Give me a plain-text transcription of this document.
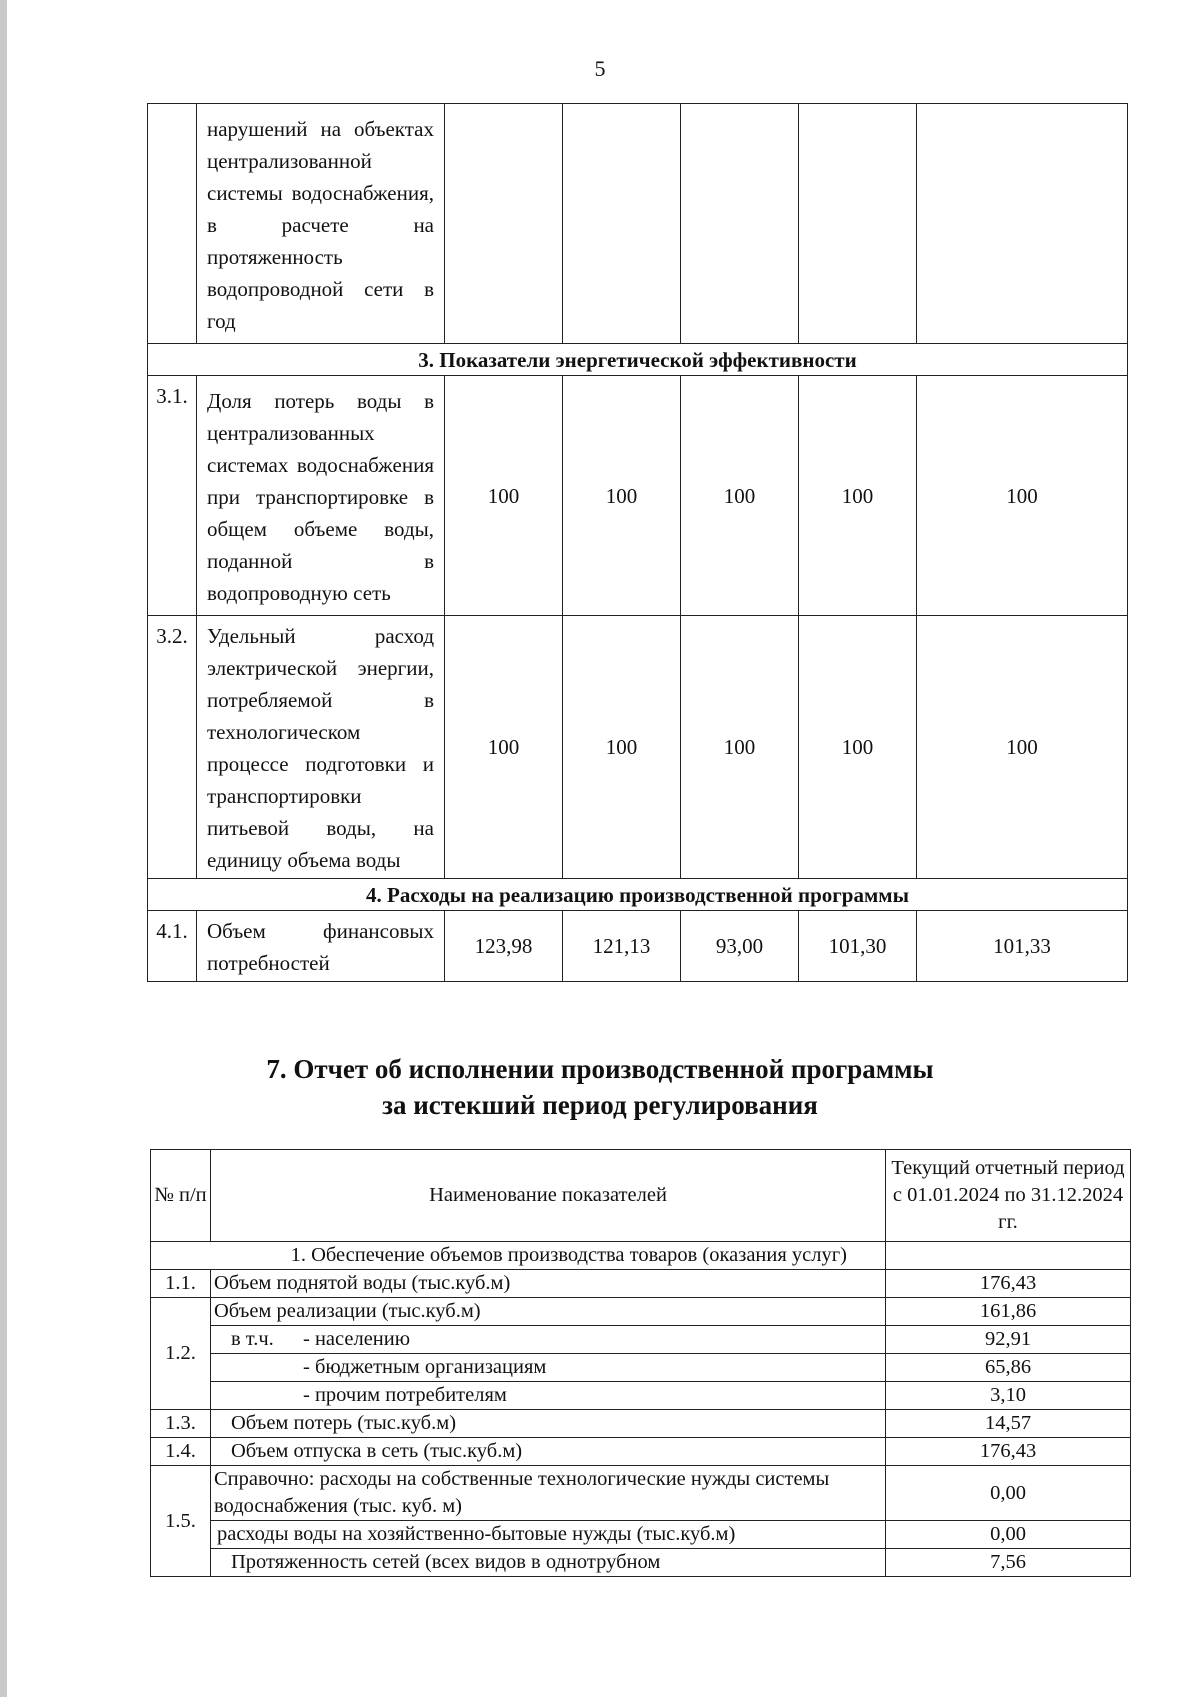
5
	нарушений на объектах централизованной системы водоснабжения, в расчете на протяженность водопроводной сети в год					
3. Показатели энергетической эффективности						
3.1.	Доля потерь воды в централизованных системах водоснабжения при транспортировке в общем объеме воды, поданной в водопроводную сеть	100	100	100	100	100
3.2.	Удельный расход электрической энергии, потребляемой в технологическом процессе подготовки и транспортировки питьевой воды, на единицу объема воды	100	100	100	100	100
4. Расходы на реализацию производственной программы						
4.1.	Объем финансовых потребностей	123,98	121,13	93,00	101,30	101,33
7. Отчет об исполнении производственной программы
за истекший период регулирования
№ п/п	Наименование показателей	Текущий отчетный период с 01.01.2024 по 31.12.2024 гг.
1. Обеспечение объемов производства товаров (оказания услуг)		
1.1.	Объем поднятой воды (тыс.куб.м)	176,43
1.2.	Объем реализации (тыс.куб.м)	161,86
	в т.ч. - населению	92,91
	- бюджетным организациям	65,86
	- прочим потребителям	3,10
1.3.	Объем потерь (тыс.куб.м)	14,57
1.4.	Объем отпуска в сеть (тыс.куб.м)	176,43
1.5.	Справочно: расходы на собственные технологические нужды системы водоснабжения (тыс. куб. м)	0,00
	расходы воды на хозяйственно-бытовые нужды (тыс.куб.м)	0,00
	Протяженность сетей (всех видов в однотрубном	7,56
